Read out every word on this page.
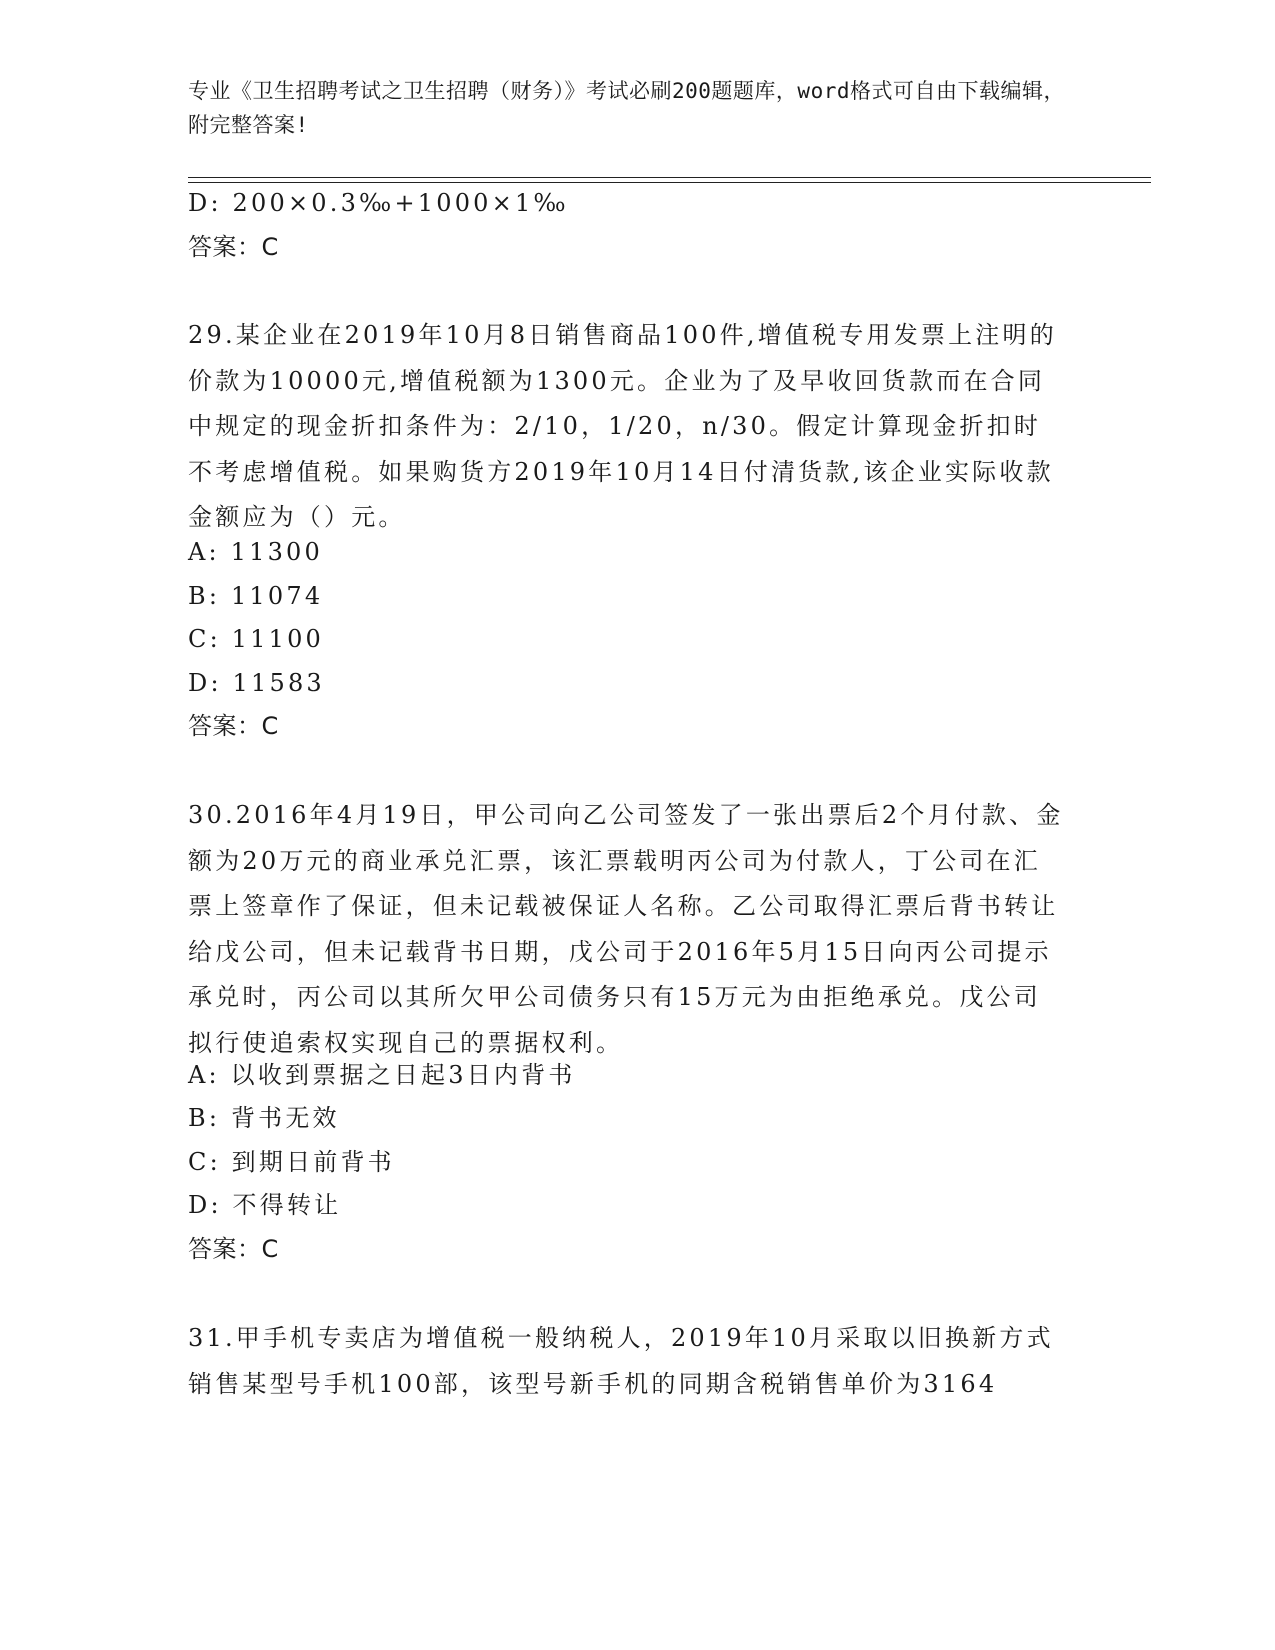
专业《卫生招聘考试之卫生招聘（财务）》考试必刷200题题库，word格式可自由下载编辑，附完整答案!

D: 200×0.3‰+1000×1‰

答案：C

29.某企业在2019年10月8日销售商品100件,增值税专用发票上注明的价款为10000元,增值税额为1300元。企业为了及早收回货款而在合同中规定的现金折扣条件为：2/10，1/20，n/30。假定计算现金折扣时不考虑增值税。如果购货方2019年10月14日付清货款,该企业实际收款金额应为（）元。

A: 11300

B: 11074

C: 11100

D: 11583

答案：C

30.2016年4月19日，甲公司向乙公司签发了一张出票后2个月付款、金额为20万元的商业承兑汇票，该汇票载明丙公司为付款人，丁公司在汇票上签章作了保证，但未记载被保证人名称。乙公司取得汇票后背书转让给戊公司，但未记载背书日期，戊公司于2016年5月15日向丙公司提示承兑时，丙公司以其所欠甲公司债务只有15万元为由拒绝承兑。戊公司拟行使追索权实现自己的票据权利。

A: 以收到票据之日起3日内背书

B: 背书无效

C: 到期日前背书

D: 不得转让

答案：C

31.甲手机专卖店为增值税一般纳税人，2019年10月采取以旧换新方式销售某型号手机100部，该型号新手机的同期含税销售单价为3164
